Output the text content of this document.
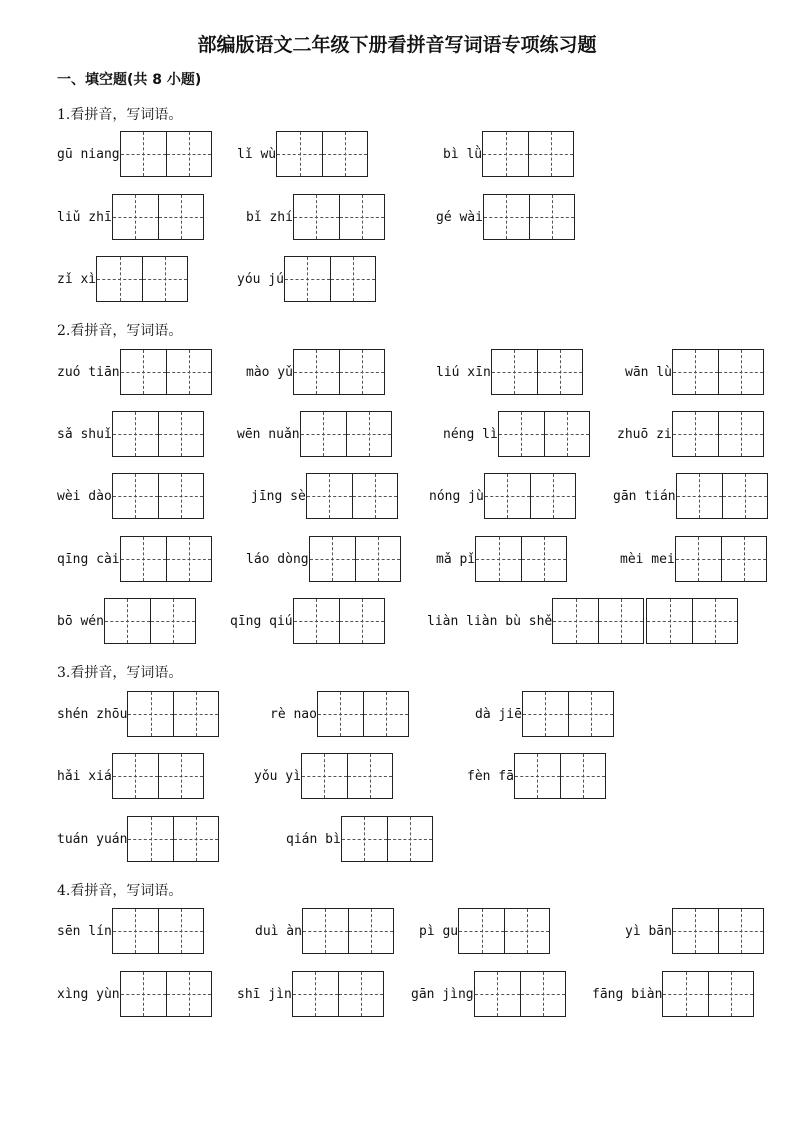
部编版语文二年级下册看拼音写词语专项练习题
一、填空题(共 8 小题)
1.看拼音，写词语。
gū niang	lǐ wù	bì lǜ
liǔ zhī	bǐ zhí	gé wài
zǐ xì	yóu jú
2.看拼音，写词语。
zuó tiān	mào yǔ	liú xīn	wān lù
sǎ shuǐ	wēn nuǎn	néng lì	zhuō zi
wèi dào	jīng sè	nóng jù	gān tián
qīng cài	láo dòng	mǎ pǐ	mèi mei
bō wén	qīng qiú	liàn liàn bù shě
3.看拼音，写词语。
shén zhōu	rè nao	dà jiē
hǎi xiá	yǒu yì	fèn fā
tuán yuán	qián bì
4.看拼音，写词语。
sēn lín	duì àn	pì gu	yì bān
xìng yùn	shī jìn	gān jìng	fāng biàn
